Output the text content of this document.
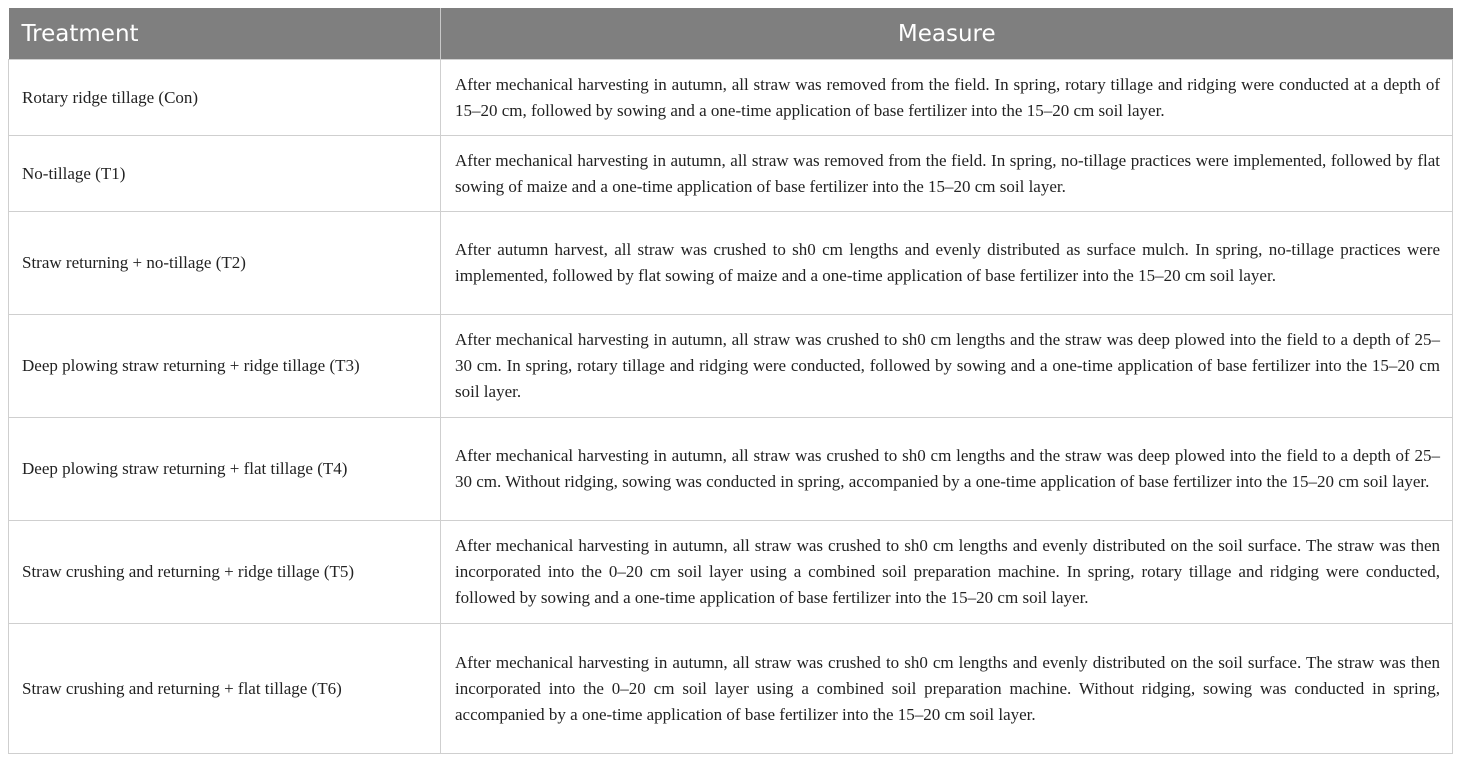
Treatment	Measure
Rotary ridge tillage (Con)	After mechanical harvesting in autumn, all straw was removed from the field. In spring, rotary tillage and ridging were conducted at a depth of 15–20 cm, followed by sowing and a one-time application of base fertilizer into the 15–20 cm soil layer.
No-tillage (T1)	After mechanical harvesting in autumn, all straw was removed from the field. In spring, no-tillage practices were implemented, followed by flat sowing of maize and a one-time application of base fertilizer into the 15–20 cm soil layer.
Straw returning + no-tillage (T2)	After autumn harvest, all straw was crushed to sh0 cm lengths and evenly distributed as surface mulch. In spring, no-tillage practices were implemented, followed by flat sowing of maize and a one-time application of base fertilizer into the 15–20 cm soil layer.
Deep plowing straw returning + ridge tillage (T3)	After mechanical harvesting in autumn, all straw was crushed to sh0 cm lengths and the straw was deep plowed into the field to a depth of 25–30 cm. In spring, rotary tillage and ridging were conducted, followed by sowing and a one-time application of base fertilizer into the 15–20 cm soil layer.
Deep plowing straw returning + flat tillage (T4)	After mechanical harvesting in autumn, all straw was crushed to sh0 cm lengths and the straw was deep plowed into the field to a depth of 25–30 cm. Without ridging, sowing was conducted in spring, accompanied by a one-time application of base fertilizer into the 15–20 cm soil layer.
Straw crushing and returning + ridge tillage (T5)	After mechanical harvesting in autumn, all straw was crushed to sh0 cm lengths and evenly distributed on the soil surface. The straw was then incorporated into the 0–20 cm soil layer using a combined soil preparation machine. In spring, rotary tillage and ridging were conducted, followed by sowing and a one-time application of base fertilizer into the 15–20 cm soil layer.
Straw crushing and returning + flat tillage (T6)	After mechanical harvesting in autumn, all straw was crushed to sh0 cm lengths and evenly distributed on the soil surface. The straw was then incorporated into the 0–20 cm soil layer using a combined soil preparation machine. Without ridging, sowing was conducted in spring, accompanied by a one-time application of base fertilizer into the 15–20 cm soil layer.
